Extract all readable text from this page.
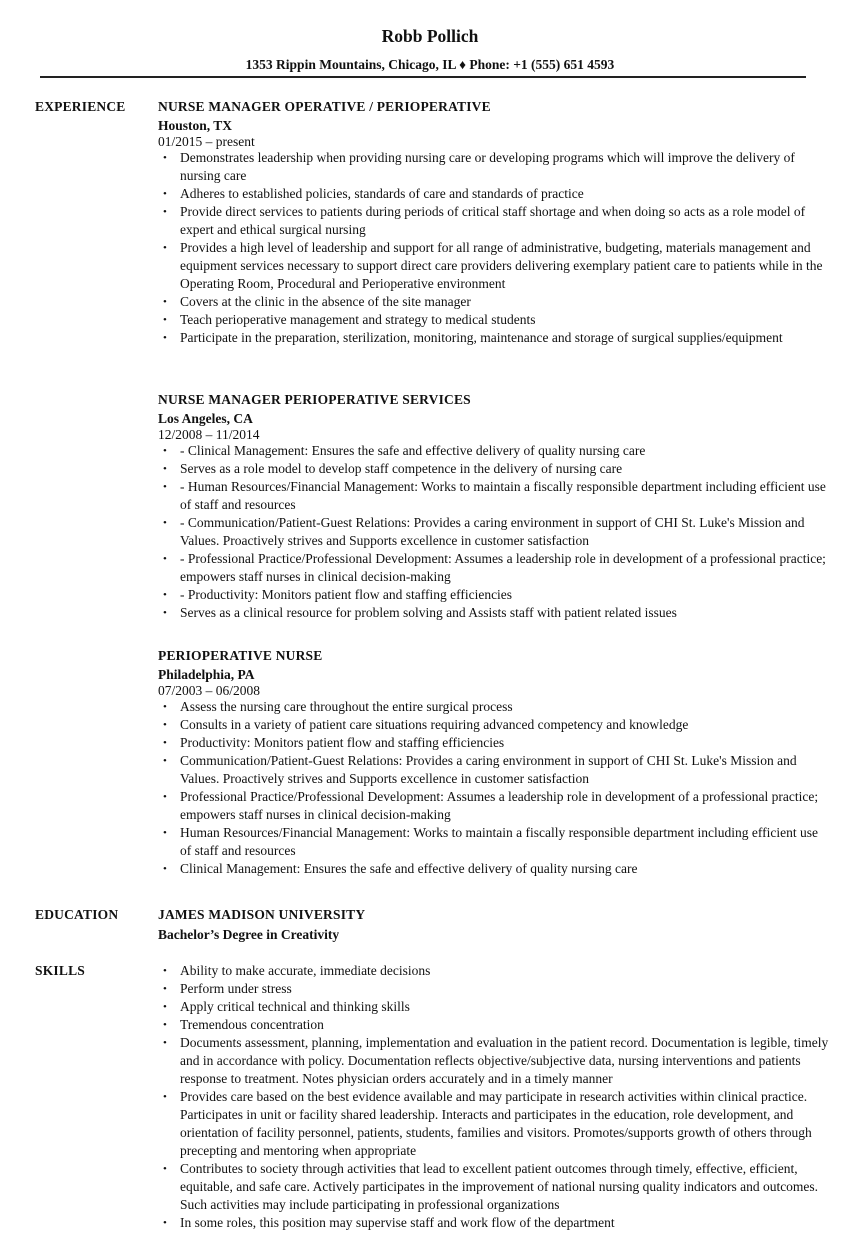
Robb Pollich
1353 Rippin Mountains, Chicago, IL ♦ Phone: +1 (555) 651 4593
EXPERIENCE NURSE MANAGER OPERATIVE / PERIOPERATIVE
Houston, TX
01/2015 – present
• Demonstrates leadership when providing nursing care or developing programs which will improve the delivery of nursing care
• Adheres to established policies, standards of care and standards of practice
• Provide direct services to patients during periods of critical staff shortage and when doing so acts as a role model of expert and ethical surgical nursing
• Provides a high level of leadership and support for all range of administrative, budgeting, materials management and equipment services necessary to support direct care providers delivering exemplary patient care to patients while in the Operating Room, Procedural and Perioperative environment
• Covers at the clinic in the absence of the site manager
• Teach perioperative management and strategy to medical students
• Participate in the preparation, sterilization, monitoring, maintenance and storage of surgical supplies/equipment
NURSE MANAGER PERIOPERATIVE SERVICES
Los Angeles, CA
12/2008 – 11/2014
• - Clinical Management: Ensures the safe and effective delivery of quality nursing care
• Serves as a role model to develop staff competence in the delivery of nursing care
• - Human Resources/Financial Management: Works to maintain a fiscally responsible department including efficient use of staff and resources
• - Communication/Patient-Guest Relations: Provides a caring environment in support of CHI St. Luke's Mission and Values. Proactively strives and Supports excellence in customer satisfaction
• - Professional Practice/Professional Development: Assumes a leadership role in development of a professional practice; empowers staff nurses in clinical decision-making
• - Productivity: Monitors patient flow and staffing efficiencies
• Serves as a clinical resource for problem solving and Assists staff with patient related issues
PERIOPERATIVE NURSE
Philadelphia, PA
07/2003 – 06/2008
• Assess the nursing care throughout the entire surgical process
• Consults in a variety of patient care situations requiring advanced competency and knowledge
• Productivity: Monitors patient flow and staffing efficiencies
• Communication/Patient-Guest Relations: Provides a caring environment in support of CHI St. Luke's Mission and Values. Proactively strives and Supports excellence in customer satisfaction
• Professional Practice/Professional Development: Assumes a leadership role in development of a professional practice; empowers staff nurses in clinical decision-making
• Human Resources/Financial Management: Works to maintain a fiscally responsible department including efficient use of staff and resources
• Clinical Management: Ensures the safe and effective delivery of quality nursing care
EDUCATION	JAMES MADISON UNIVERSITY
Bachelor’s Degree in Creativity
SKILLS	• Ability to make accurate, immediate decisions
• Perform under stress
• Apply critical technical and thinking skills
• Tremendous concentration
• Documents assessment, planning, implementation and evaluation in the patient record. Documentation is legible, timely and in accordance with policy. Documentation reflects objective/subjective data, nursing interventions and patients response to treatment. Notes physician orders accurately and in a timely manner
• Provides care based on the best evidence available and may participate in research activities within clinical practice. Participates in unit or facility shared leadership. Interacts and participates in the education, role development, and orientation of facility personnel, patients, students, families and visitors. Promotes/supports growth of others through precepting and mentoring when appropriate
• Contributes to society through activities that lead to excellent patient outcomes through timely, effective, efficient, equitable, and safe care. Actively participates in the improvement of national nursing quality indicators and outcomes. Such activities may include participating in professional organizations
• In some roles, this position may supervise staff and work flow of the department
